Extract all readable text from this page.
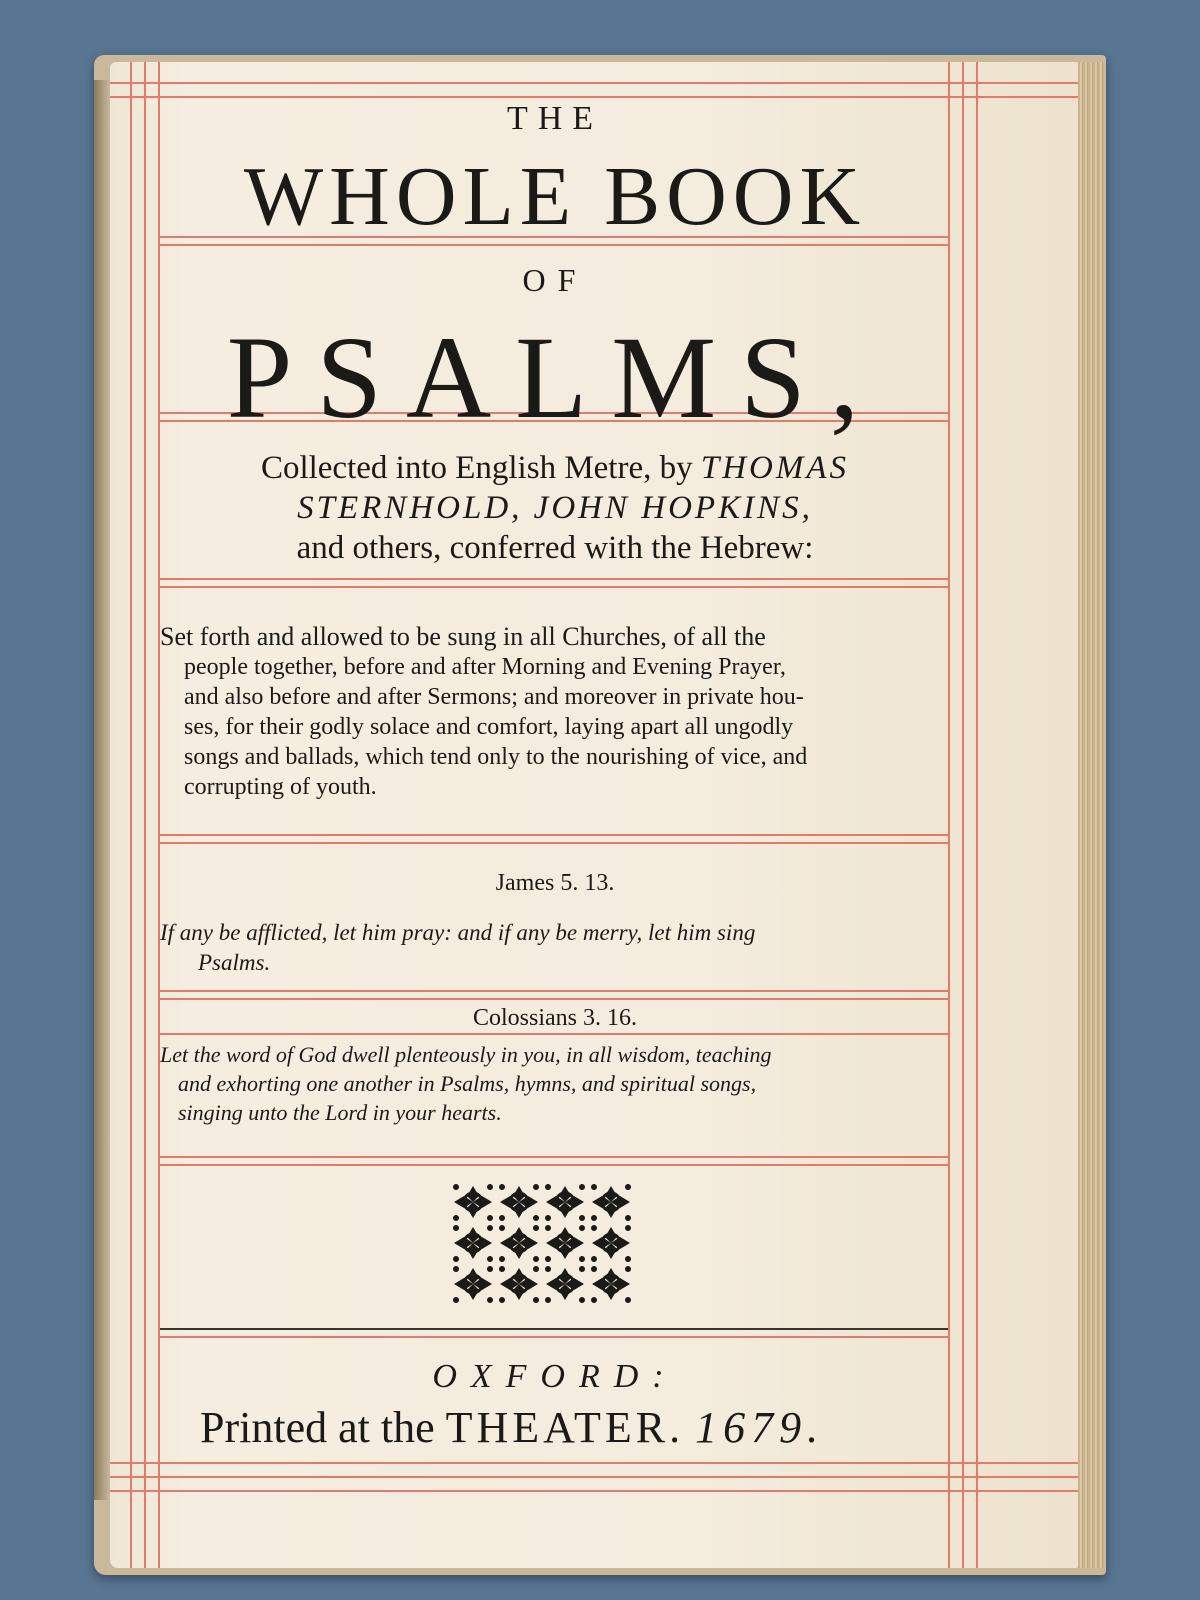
THE
WHOLE BOOK
OF
PSALMS,
Collected into English Metre, by THOMAS
STERNHOLD, JOHN HOPKINS,
and others, conferred with the Hebrew:
Set forth and allowed to be sung in all Churches, of all the
people together, before and after Morning and Evening Prayer,
and also before and after Sermons; and moreover in private hou-
ses, for their godly solace and comfort, laying apart all ungodly
songs and ballads, which tend only to the nourishing of vice, and
corrupting of youth.
James 5. 13.
If any be afflicted, let him pray: and if any be merry, let him sing
Psalms.
Colossians 3. 16.
Let the word of God dwell plenteously in you, in all wisdom, teaching
and exhorting one another in Psalms, hymns, and spiritual songs,
singing unto the Lord in your hearts.
OXFORD:
Printed at the THEATER. 1679.
